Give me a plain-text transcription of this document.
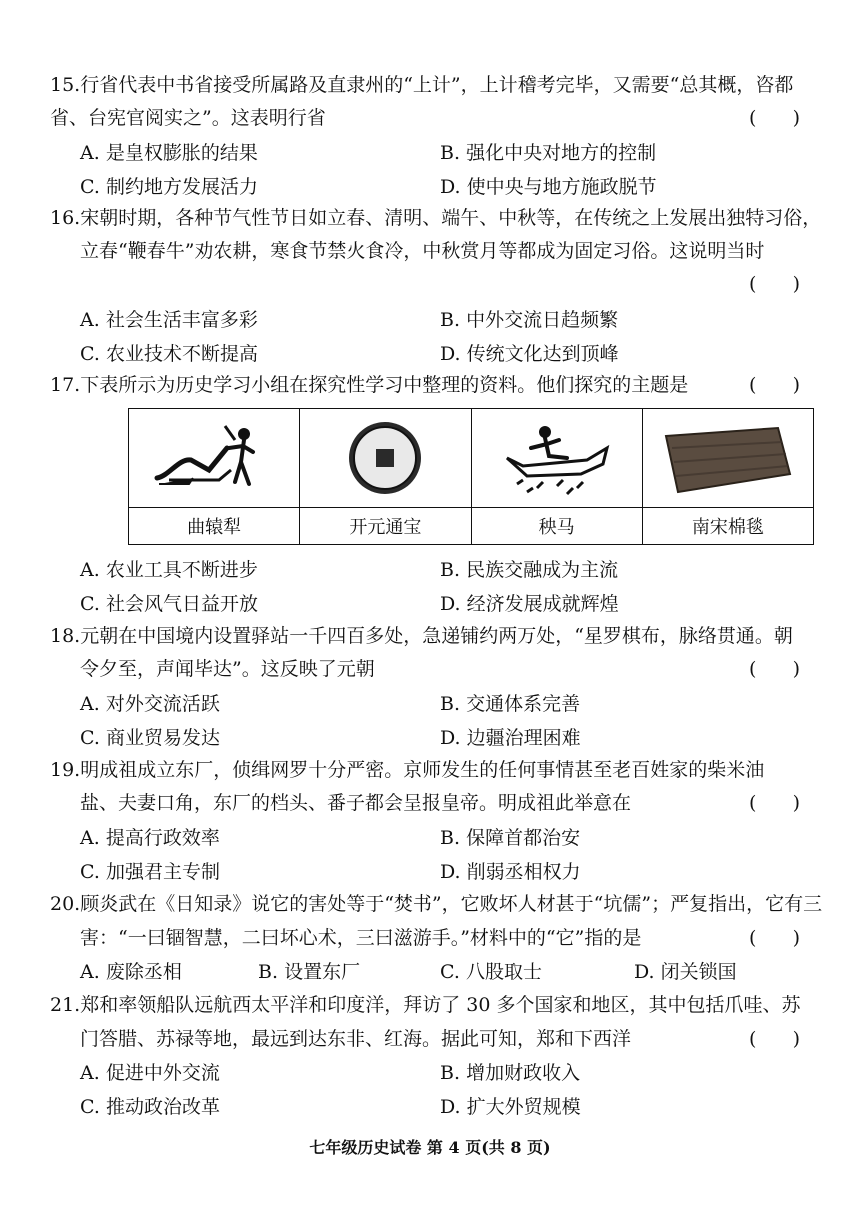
15.行省代表中书省接受所属路及直隶州的“上计”，上计稽考完毕，又需要“总其概，咨都
省、台宪官阅实之”。这表明行省	(      )
A. 是皇权膨胀的结果	B. 强化中央对地方的控制
C. 制约地方发展活力	D. 使中央与地方施政脱节
16.宋朝时期，各种节气性节日如立春、清明、端午、中秋等，在传统之上发展出独特习俗，
立春“鞭春牛”劝农耕，寒食节禁火食冷，中秋赏月等都成为固定习俗。这说明当时
(      )
A. 社会生活丰富多彩	B. 中外交流日趋频繁
C. 农业技术不断提高	D. 传统文化达到顶峰
17.下表所示为历史学习小组在探究性学习中整理的资料。他们探究的主题是	(      )

曲辕犁	开元通宝	秧马	南宋棉毯
A. 农业工具不断进步	B. 民族交融成为主流
C. 社会风气日益开放	D. 经济发展成就辉煌
18.元朝在中国境内设置驿站一千四百多处，急递铺约两万处，“星罗棋布，脉络贯通。朝
令夕至，声闻毕达”。这反映了元朝	(      )
A. 对外交流活跃	B. 交通体系完善
C. 商业贸易发达	D. 边疆治理困难
19.明成祖成立东厂，侦缉网罗十分严密。京师发生的任何事情甚至老百姓家的柴米油
盐、夫妻口角，东厂的档头、番子都会呈报皇帝。明成祖此举意在	(      )
A. 提高行政效率	B. 保障首都治安
C. 加强君主专制	D. 削弱丞相权力
20.顾炎武在《日知录》说它的害处等于“焚书”，它败坏人材甚于“坑儒”；严复指出，它有三
害：“一曰锢智慧，二曰坏心术，三曰滋游手。”材料中的“它”指的是	(      )
A. 废除丞相	B. 设置东厂	C. 八股取士	D. 闭关锁国
21.郑和率领船队远航西太平洋和印度洋，拜访了 30 多个国家和地区，其中包括爪哇、苏
门答腊、苏禄等地，最远到达东非、红海。据此可知，郑和下西洋	(      )
A. 促进中外交流	B. 增加财政收入
C. 推动政治改革	D. 扩大外贸规模
七年级历史试卷 第 4 页(共 8 页)
